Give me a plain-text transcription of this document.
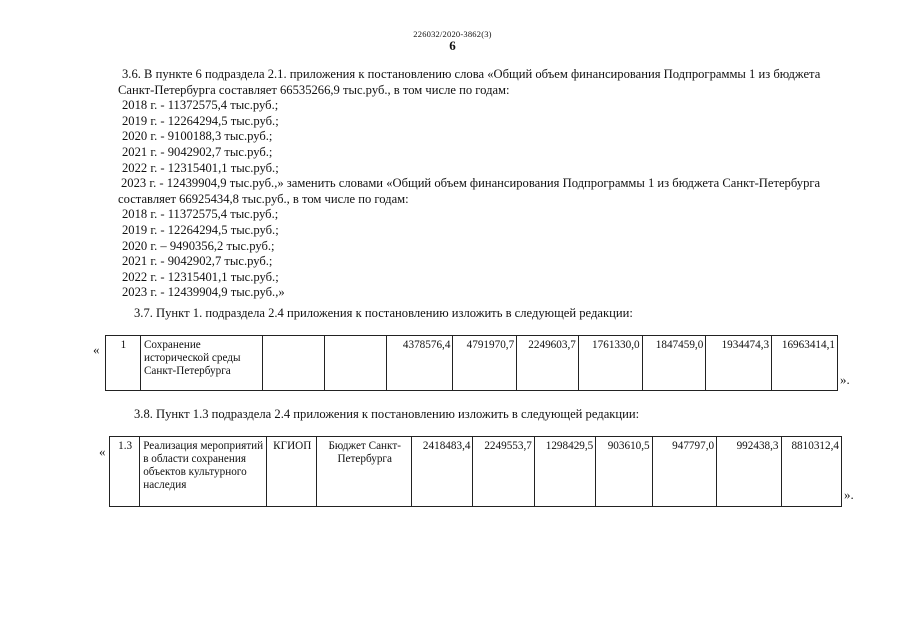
226032/2020-3862(3)
6

3.6. В пункте 6 подраздела 2.1. приложения к постановлению слова «Общий объем финансирования Подпрограммы 1 из бюджета

Санкт-Петербурга составляет 66535266,9 тыс.руб., в том числе по годам:

2018 г. - 11372575,4 тыс.руб.;

2019 г. - 12264294,5 тыс.руб.;

2020 г. - 9100188,3 тыс.руб.;

2021 г. - 9042902,7 тыс.руб.;

2022 г. - 12315401,1 тыс.руб.;

2023 г. - 12439904,9 тыс.руб.,» заменить словами «Общий объем финансирования Подпрограммы 1 из бюджета Санкт-Петербурга

составляет 66925434,8 тыс.руб., в том числе по годам:

2018 г. - 11372575,4 тыс.руб.;

2019 г. - 12264294,5 тыс.руб.;

2020 г. – 9490356,2 тыс.руб.;

2021 г. - 9042902,7 тыс.руб.;

2022 г. - 12315401,1 тыс.руб.;

2023 г. - 12439904,9 тыс.руб.,»

3.7. Пункт 1. подраздела 2.4 приложения к постановлению изложить в следующей редакции:
« 1	Сохранение исторической среды Санкт-Петербурга			4378576,4	4791970,7	2249603,7	1761330,0	1847459,0	1934474,3	16963414,1
».
3.8. Пункт 1.3 подраздела 2.4 приложения к постановлению изложить в следующей редакции:
« 1.3	Реализация мероприятий в области сохранения объектов культурного наследия	КГИОП	Бюджет Санкт-Петербурга	2418483,4	2249553,7	1298429,5	903610,5	947797,0	992438,3	8810312,4
».
